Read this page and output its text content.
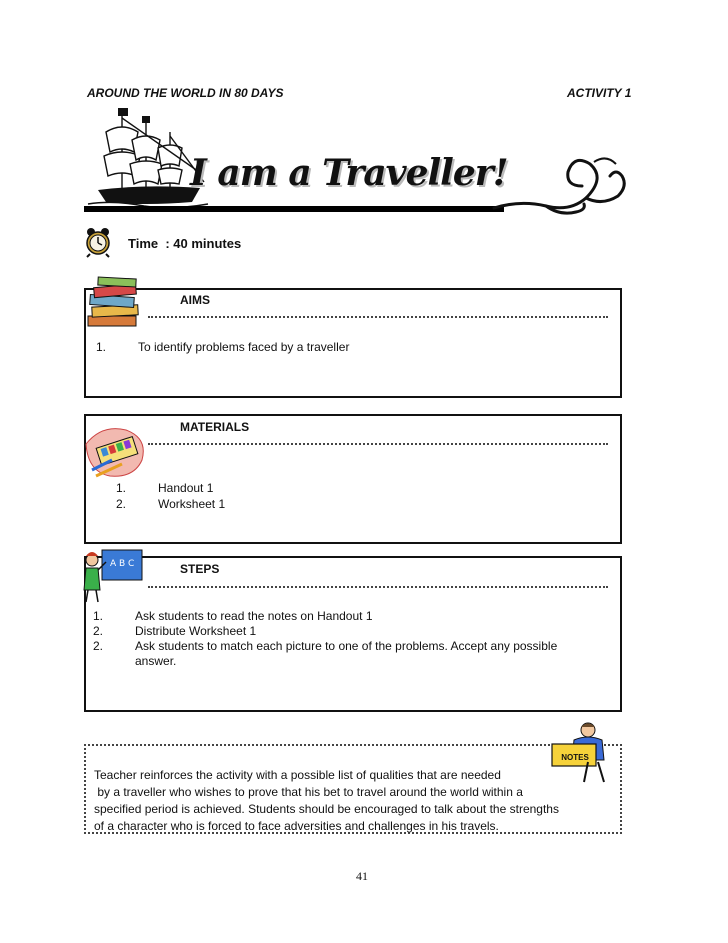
AROUND THE WORLD IN 80 DAYS	ACTIVITY 1
I am a Traveller!
Time : 40 minutes
AIMS
1.	To identify problems faced by a traveller
MATERIALS
1.	Handout 1
2.	Worksheet 1
A B C	STEPS
1.	Ask students to read the notes on Handout 1
2.	Distribute Worksheet 1
2.	Ask students to match each picture to one of the problems. Accept any possible
answer.
NOTES
Teacher reinforces the activity with a possible list of qualities that are needed
by a traveller who wishes to prove that his bet to travel around the world within a
specified period is achieved. Students should be encouraged to talk about the strengths
of a character who is forced to face adversities and challenges in his travels.
41
